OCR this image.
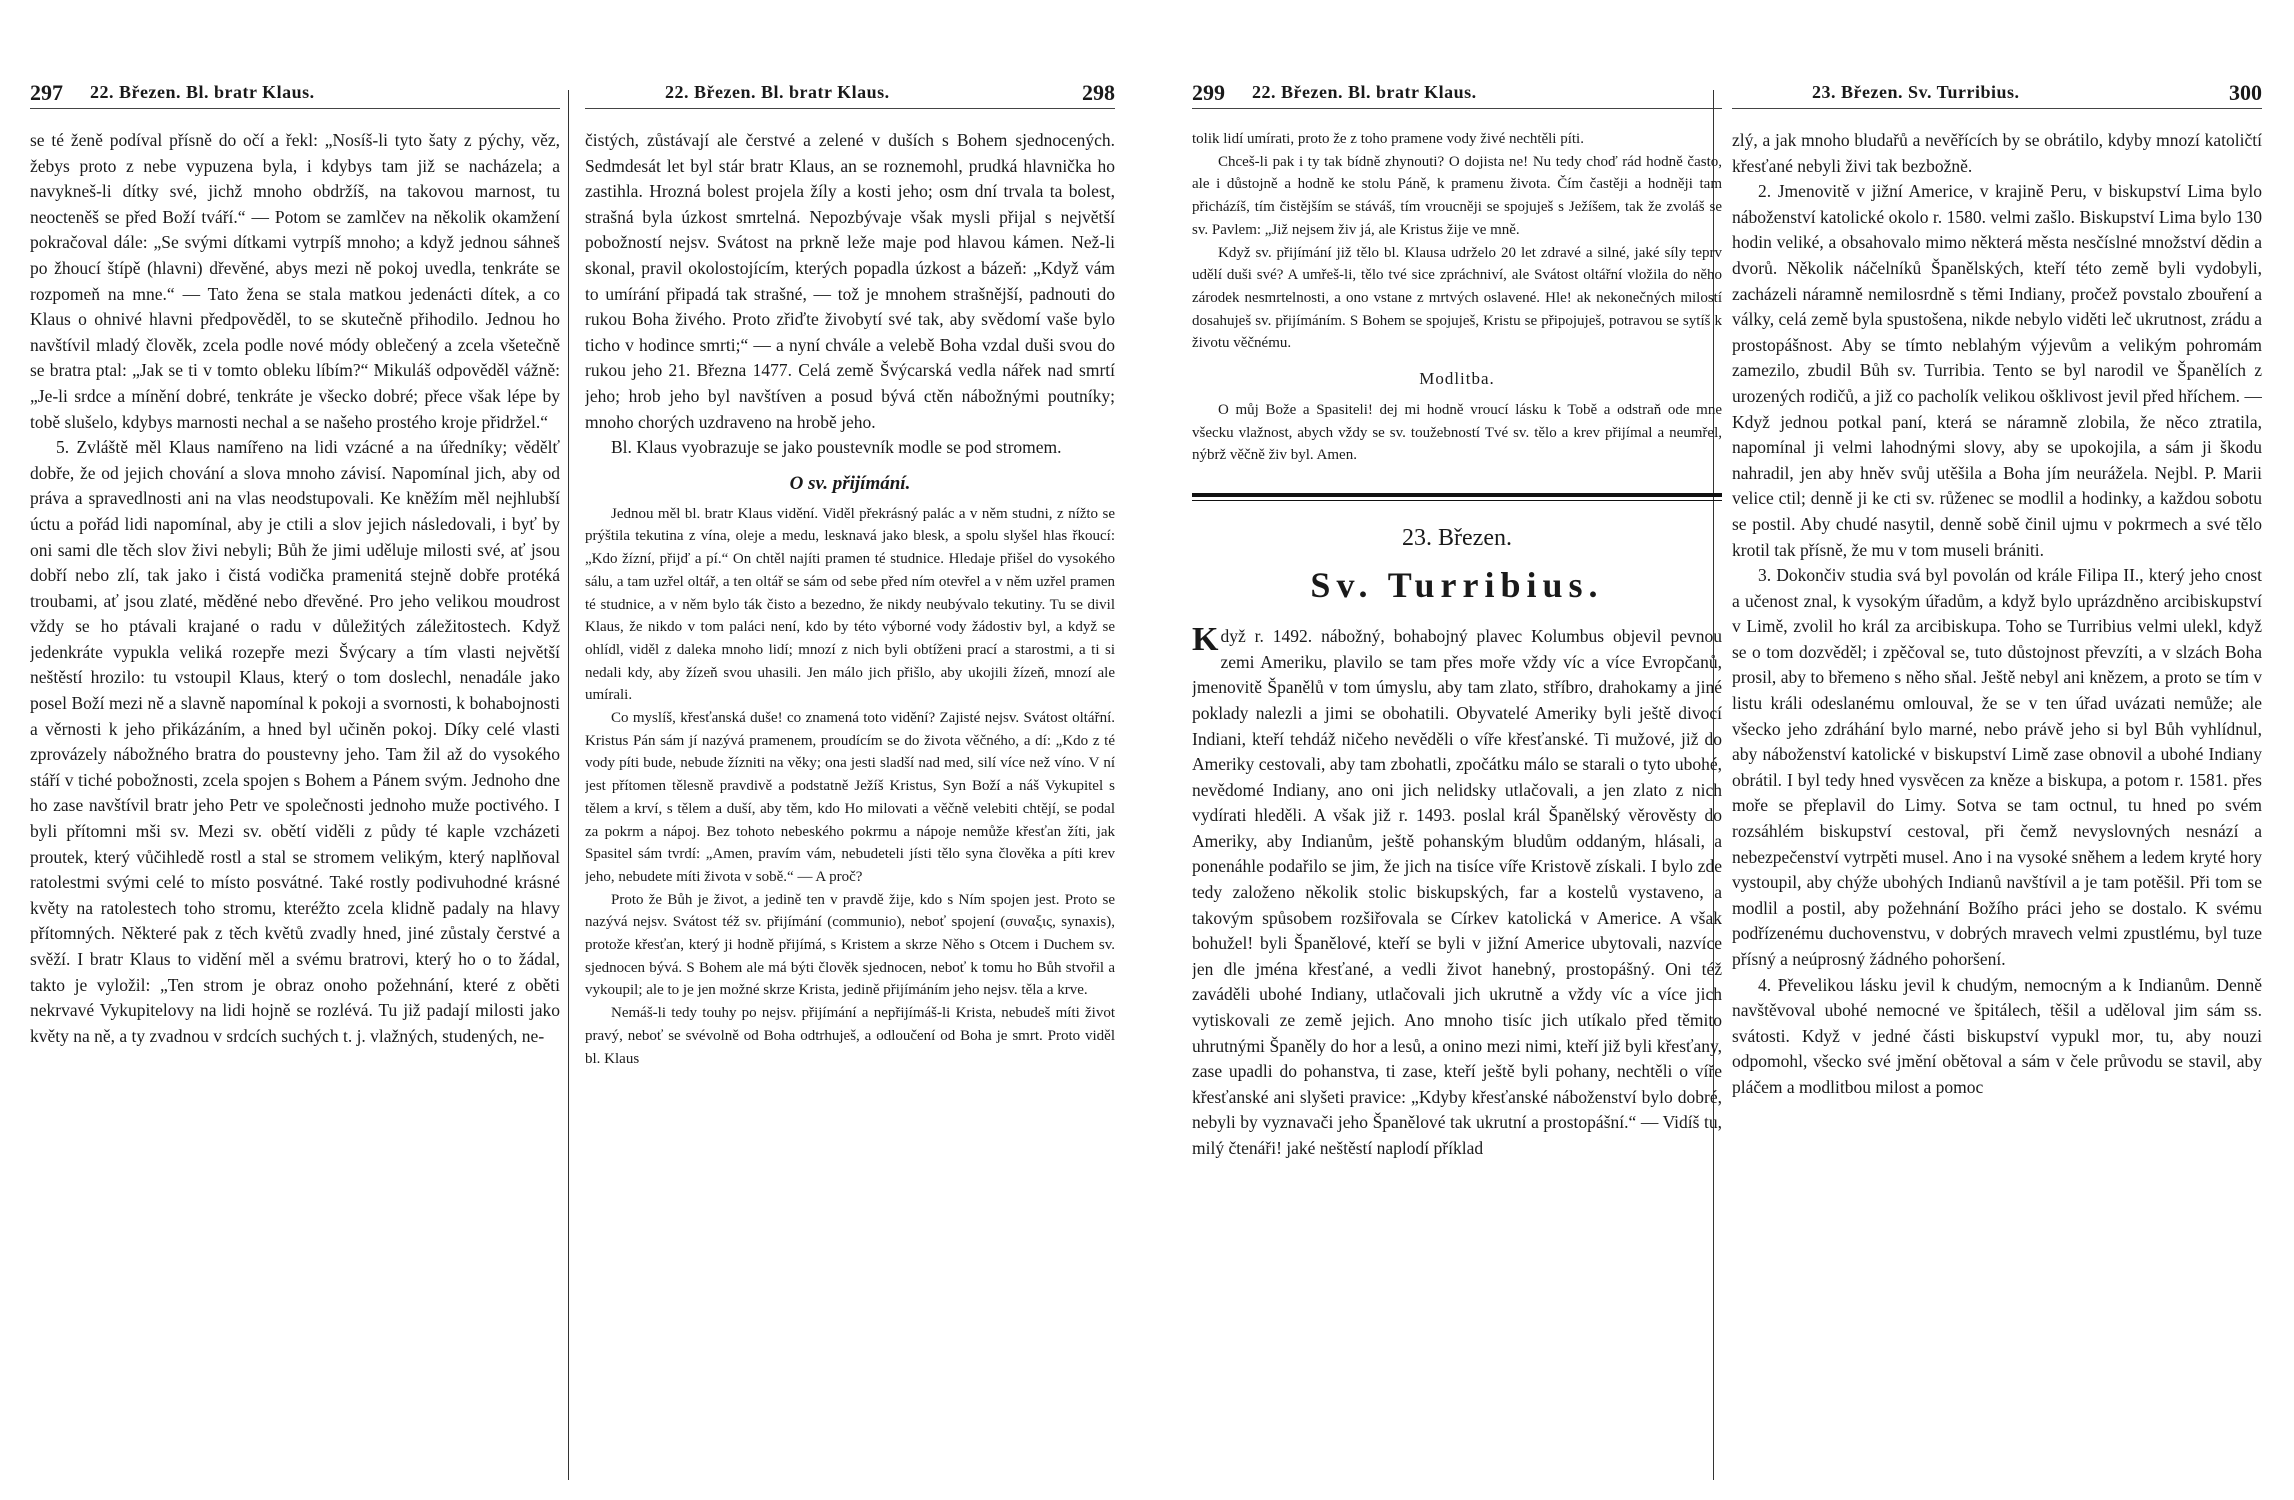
297 22. Březen. Bl. bratr Klaus.	22. Březen. Bl. bratr Klaus.	298

se té ženě podíval přísně do očí a řekl: „Nosíš-li tyto šaty z pýchy, věz, žebys proto z nebe vypuzena byla, i kdybys tam již se nacházela; a navykneš-li dítky své, jichž mnoho obdržíš, na takovou marnost, tu neocteněš se před Boží tváří.“ — Potom se zamlčev na několik okamžení pokračoval dále: „Se svými dítkami vytrpíš mnoho; a když jednou sáhneš po žhoucí štípě (hlavni) dřevěné, abys mezi ně pokoj uvedla, tenkráte se rozpomeň na mne.“ — Tato žena se stala matkou jedenácti dítek, a co Klaus o ohnivé hlavni předpověděl, to se skutečně přihodilo. Jednou ho navštívil mladý člověk, zcela podle nové módy oblečený a zcela všetečně se bratra ptal: „Jak se ti v tomto obleku líbím?“ Mikuláš odpověděl vážně: „Je-li srdce a mínění dobré, tenkráte je všecko dobré; přece však lépe by tobě slušelo, kdybys marnosti nechal a se našeho prostého kroje přidržel.“

5. Zvláště měl Klaus namířeno na lidi vzácné a na úředníky; vědělť dobře, že od jejich chování a slova mnoho závisí. Napomínal jich, aby od práva a spravedlnosti ani na vlas neodstupovali. Ke kněžím měl nejhlubší úctu a pořád lidi napomínal, aby je ctili a slov jejich následovali, i byť by oni sami dle těch slov živi nebyli; Bůh že jimi uděluje milosti své, ať jsou dobří nebo zlí, tak jako i čistá vodička pramenitá stejně dobře protéká troubami, ať jsou zlaté, měděné nebo dřevěné. Pro jeho velikou moudrost vždy se ho ptávali krajané o radu v důležitých záležitostech. Když jedenkráte vypukla veliká rozepře mezi Švýcary a tím vlasti největší neštěstí hrozilo: tu vstoupil Klaus, který o tom doslechl, nenadále jako posel Boží mezi ně a slavně napomínal k pokoji a svornosti, k bohabojnosti a věrnosti k jeho přikázáním, a hned byl učiněn pokoj. Díky celé vlasti zprovázely nábožného bratra do poustevny jeho. Tam žil až do vysokého stáří v tiché pobožnosti, zcela spojen s Bohem a Pánem svým. Jednoho dne ho zase navštívil bratr jeho Petr ve společnosti jednoho muže poctivého. I byli přítomni mši sv. Mezi sv. obětí viděli z půdy té kaple vzcházeti proutek, který vůčihledě rostl a stal se stromem velikým, který naplňoval ratolestmi svými celé to místo posvátné. Také rostly podivuhodné krásné květy na ratolestech toho stromu, kteréžto zcela klidně padaly na hlavy přítomných. Některé pak z těch květů zvadly hned, jiné zůstaly čerstvé a svěží. I bratr Klaus to vidění měl a svému bratrovi, který ho o to žádal, takto je vyložil: „Ten strom je obraz onoho požehnání, které z oběti nekrvavé Vykupitelovy na lidi hojně se rozlévá. Tu již padají milosti jako květy na ně, a ty zvadnou v srdcích suchých t. j. vlažných, studených, ne-

čistých, zůstávají ale čerstvé a zelené v duších s Bohem sjednocených. Sedmdesát let byl stár bratr Klaus, an se roznemohl, prudká hlavnička ho zastihla. Hrozná bolest projela žíly a kosti jeho; osm dní trvala ta bolest, strašná byla úzkost smrtelná. Nepozbývaje však mysli přijal s největší pobožností nejsv. Svátost na prkně leže maje pod hlavou kámen. Než-li skonal, pravil okolostojícím, kterých popadla úzkost a bázeň: „Když vám to umírání připadá tak strašné, — tož je mnohem strašnější, padnouti do rukou Boha živého. Proto zřiďte živobytí své tak, aby svědomí vaše bylo ticho v hodince smrti;“ — a nyní chvále a velebě Boha vzdal duši svou do rukou jeho 21. Března 1477. Celá země Švýcarská vedla nářek nad smrtí jeho; hrob jeho byl navštíven a posud bývá ctěn nábožnými poutníky; mnoho chorých uzdraveno na hrobě jeho.

Bl. Klaus vyobrazuje se jako poustevník modle se pod stromem.

O sv. přijímání.

Jednou měl bl. bratr Klaus vidění. Viděl překrásný palác a v něm studni, z nížto se prýštila tekutina z vína, oleje a medu, lesknavá jako blesk, a spolu slyšel hlas řkoucí: „Kdo žízní, přijď a pí.“ On chtěl najíti pramen té studnice. Hledaje přišel do vysokého sálu, a tam uzřel oltář, a ten oltář se sám od sebe před ním otevřel a v něm uzřel pramen té studnice, a v něm bylo ták čisto a bezedno, že nikdy neubývalo tekutiny. Tu se divil Klaus, že nikdo v tom paláci není, kdo by této výborné vody žádostiv byl, a když se ohlídl, viděl z daleka mnoho lidí; mnozí z nich byli obtíženi prací a starostmi, a ti si nedali kdy, aby žízeň svou uhasili. Jen málo jich přišlo, aby ukojili žízeň, mnozí ale umírali.

Co myslíš, křesťanská duše! co znamená toto vidění? Zajisté nejsv. Svátost oltářní. Kristus Pán sám jí nazývá pramenem, proudícím se do života věčného, a dí: „Kdo z té vody píti bude, nebude žízniti na věky; ona jesti sladší nad med, silí více než víno. V ní jest přítomen tělesně pravdivě a podstatně Ježíš Kristus, Syn Boží a náš Vykupitel s tělem a krví, s tělem a duší, aby těm, kdo Ho milovati a věčně velebiti chtějí, se podal za pokrm a nápoj. Bez tohoto nebeského pokrmu a nápoje nemůže křesťan žíti, jak Spasitel sám tvrdí: „Amen, pravím vám, nebudeteli jísti tělo syna člověka a píti krev jeho, nebudete míti života v sobě.“ — A proč?

Proto že Bůh je život, a jedině ten v pravdě žije, kdo s Ním spojen jest. Proto se nazývá nejsv. Svátost též sv. přijímání (communio), neboť spojení (συναξις, synaxis), protože křesťan, který ji hodně přijímá, s Kristem a skrze Něho s Otcem i Duchem sv. sjednocen bývá. S Bohem ale má býti člověk sjednocen, neboť k tomu ho Bůh stvořil a vykoupil; ale to je jen možné skrze Krista, jedině přijímáním jeho nejsv. těla a krve.

Nemáš-li tedy touhy po nejsv. přijímání a nepřijímáš-li Krista, nebudeš míti život pravý, neboť se svévolně od Boha odtrhuješ, a odloučení od Boha je smrt. Proto viděl bl. Klaus

299 22. Březen. Bl. bratr Klaus.	23. Březen. Sv. Turribius.	300

tolik lidí umírati, proto že z toho pramene vody živé nechtěli píti.

Chceš-li pak i ty tak bídně zhynouti? O dojista ne! Nu tedy choď rád hodně často, ale i důstojně a hodně ke stolu Páně, k pramenu života. Čím častěji a hodněji tam přicházíš, tím čistějším se stáváš, tím vroucněji se spojuješ s Ježíšem, tak že zvoláš se sv. Pavlem: „Již nejsem živ já, ale Kristus žije ve mně.

Když sv. přijímání již tělo bl. Klausa udrželo 20 let zdravé a silné, jaké síly teprv udělí duši své? A umřeš-li, tělo tvé sice zpráchniví, ale Svátost oltářní vložila do něho zárodek nesmrtelnosti, a ono vstane z mrtvých oslavené. Hle! ak nekonečných milostí dosahuješ sv. přijímáním. S Bohem se spojuješ, Kristu se připojuješ, potravou se sytíš k životu věčnému.

Modlitba.

O můj Bože a Spasiteli! dej mi hodně vroucí lásku k Tobě a odstraň ode mne všecku vlažnost, abych vždy se sv. toužebností Tvé sv. tělo a krev přijímal a neumřel, nýbrž věčně živ byl. Amen.

23. Březen.
Sv. Turribius.

K dyž r. 1492. nábožný, bohabojný plavec Kolumbus objevil pevnou zemi Ameriku, plavilo se tam přes moře vždy víc a více Evropčanů, jmenovitě Španělů v tom úmyslu, aby tam zlato, stříbro, drahokamy a jiné poklady nalezli a jimi se obohatili. Obyvatelé Ameriky byli ještě divocí Indiani, kteří tehdáž ničeho nevěděli o víře křesťanské. Ti mužové, již do Ameriky cestovali, aby tam zbohatli, zpočátku málo se starali o tyto ubohé, nevědomé Indiany, ano oni jich nelidsky utlačovali, a jen zlato z nich vydírati hleděli. A však již r. 1493. poslal král Španělský věrověsty do Ameriky, aby Indianům, ještě pohanským bludům oddaným, hlásali, a ponenáhle podařilo se jim, že jich na tisíce víře Kristově získali. I bylo zde tedy založeno několik stolic biskupských, far a kostelů vystaveno, a takovým spůsobem rozšiřovala se Církev katolická v Americe. A však bohužel! byli Španělové, kteří se byli v jižní Americe ubytovali, nazvíce jen dle jména křesťané, a vedli život hanebný, prostopášný. Oni též zaváděli ubohé Indiany, utlačovali jich ukrutně a vždy víc a více jich vytiskovali ze země jejich. Ano mnoho tisíc jich utíkalo před těmito uhrutnými Španěly do hor a lesů, a onino mezi nimi, kteří již byli křesťany, zase upadli do pohanstva, ti zase, kteří ještě byli pohany, nechtěli o víře křesťanské ani slyšeti pravice: „Kdyby křesťanské náboženství bylo dobré, nebyli by vyznavači jeho Španělové tak ukrutní a prostopášní.“ — Vidíš tu, milý čtenáři! jaké neštěstí naplodí příklad

zlý, a jak mnoho bludařů a nevěřících by se obrátilo, kdyby mnozí katoličtí křesťané nebyli živi tak bezbožně.

2. Jmenovitě v jižní Americe, v krajině Peru, v biskupství Lima bylo náboženství katolické okolo r. 1580. velmi zašlo. Biskupství Lima bylo 130 hodin veliké, a obsahovalo mimo některá města nesčíslné množství dědin a dvorů. Několik náčelníků Španělských, kteří této země byli vydobyli, zacházeli náramně nemilosrdně s těmi Indiany, pročež povstalo zbouření a války, celá země byla spustošena, nikde nebylo viděti leč ukrutnost, zrádu a prostopášnost. Aby se tímto neblahým výjevům a velikým pohromám zamezilo, zbudil Bůh sv. Turribia. Tento se byl narodil ve Španělích z urozených rodičů, a již co pacholík velikou ošklivost jevil před hříchem. — Když jednou potkal paní, která se náramně zlobila, že něco ztratila, napomínal ji velmi lahodnými slovy, aby se upokojila, a sám ji škodu nahradil, jen aby hněv svůj utěšila a Boha jím neurážela. Nejbl. P. Marii velice ctil; denně ji ke cti sv. růženec se modlil a hodinky, a každou sobotu se postil. Aby chudé nasytil, denně sobě činil ujmu v pokrmech a své tělo krotil tak přísně, že mu v tom museli brániti.

3. Dokončiv studia svá byl povolán od krále Filipa II., který jeho cnost a učenost znal, k vysokým úřadům, a když bylo uprázdněno arcibiskupství v Limě, zvolil ho král za arcibiskupa. Toho se Turribius velmi ulekl, když se o tom dozvěděl; i zpěčoval se, tuto důstojnost převzíti, a v slzách Boha prosil, aby to břemeno s něho sňal. Ještě nebyl ani knězem, a proto se tím v listu králi odeslanému omlouval, že se v ten úřad uvázati nemůže; ale všecko jeho zdráhání bylo marné, nebo právě jeho si byl Bůh vyhlídnul, aby náboženství katolické v biskupství Limě zase obnovil a ubohé Indiany obrátil. I byl tedy hned vysvěcen za kněze a biskupa, a potom r. 1581. přes moře se přeplavil do Limy. Sotva se tam octnul, tu hned po svém rozsáhlém biskupství cestoval, při čemž nevyslovných nesnází a nebezpečenství vytrpěti musel. Ano i na vysoké sněhem a ledem kryté hory vystoupil, aby chýže ubohých Indianů navštívil a je tam potěšil. Při tom se modlil a postil, aby požehnání Božího práci jeho se dostalo. K svému podřízenému duchovenstvu, v dobrých mravech velmi zpustlému, byl tuze přísný a neúprosný žádného pohoršení.

4. Převelikou lásku jevil k chudým, nemocným a k Indianům. Denně navštěvoval ubohé nemocné ve špitálech, těšil a uděloval jim sám ss. svátosti. Když v jedné části biskupství vypukl mor, tu, aby nouzi odpomohl, všecko své jmění obětoval a sám v čele průvodu se stavil, aby pláčem a modlitbou milost a pomoc
